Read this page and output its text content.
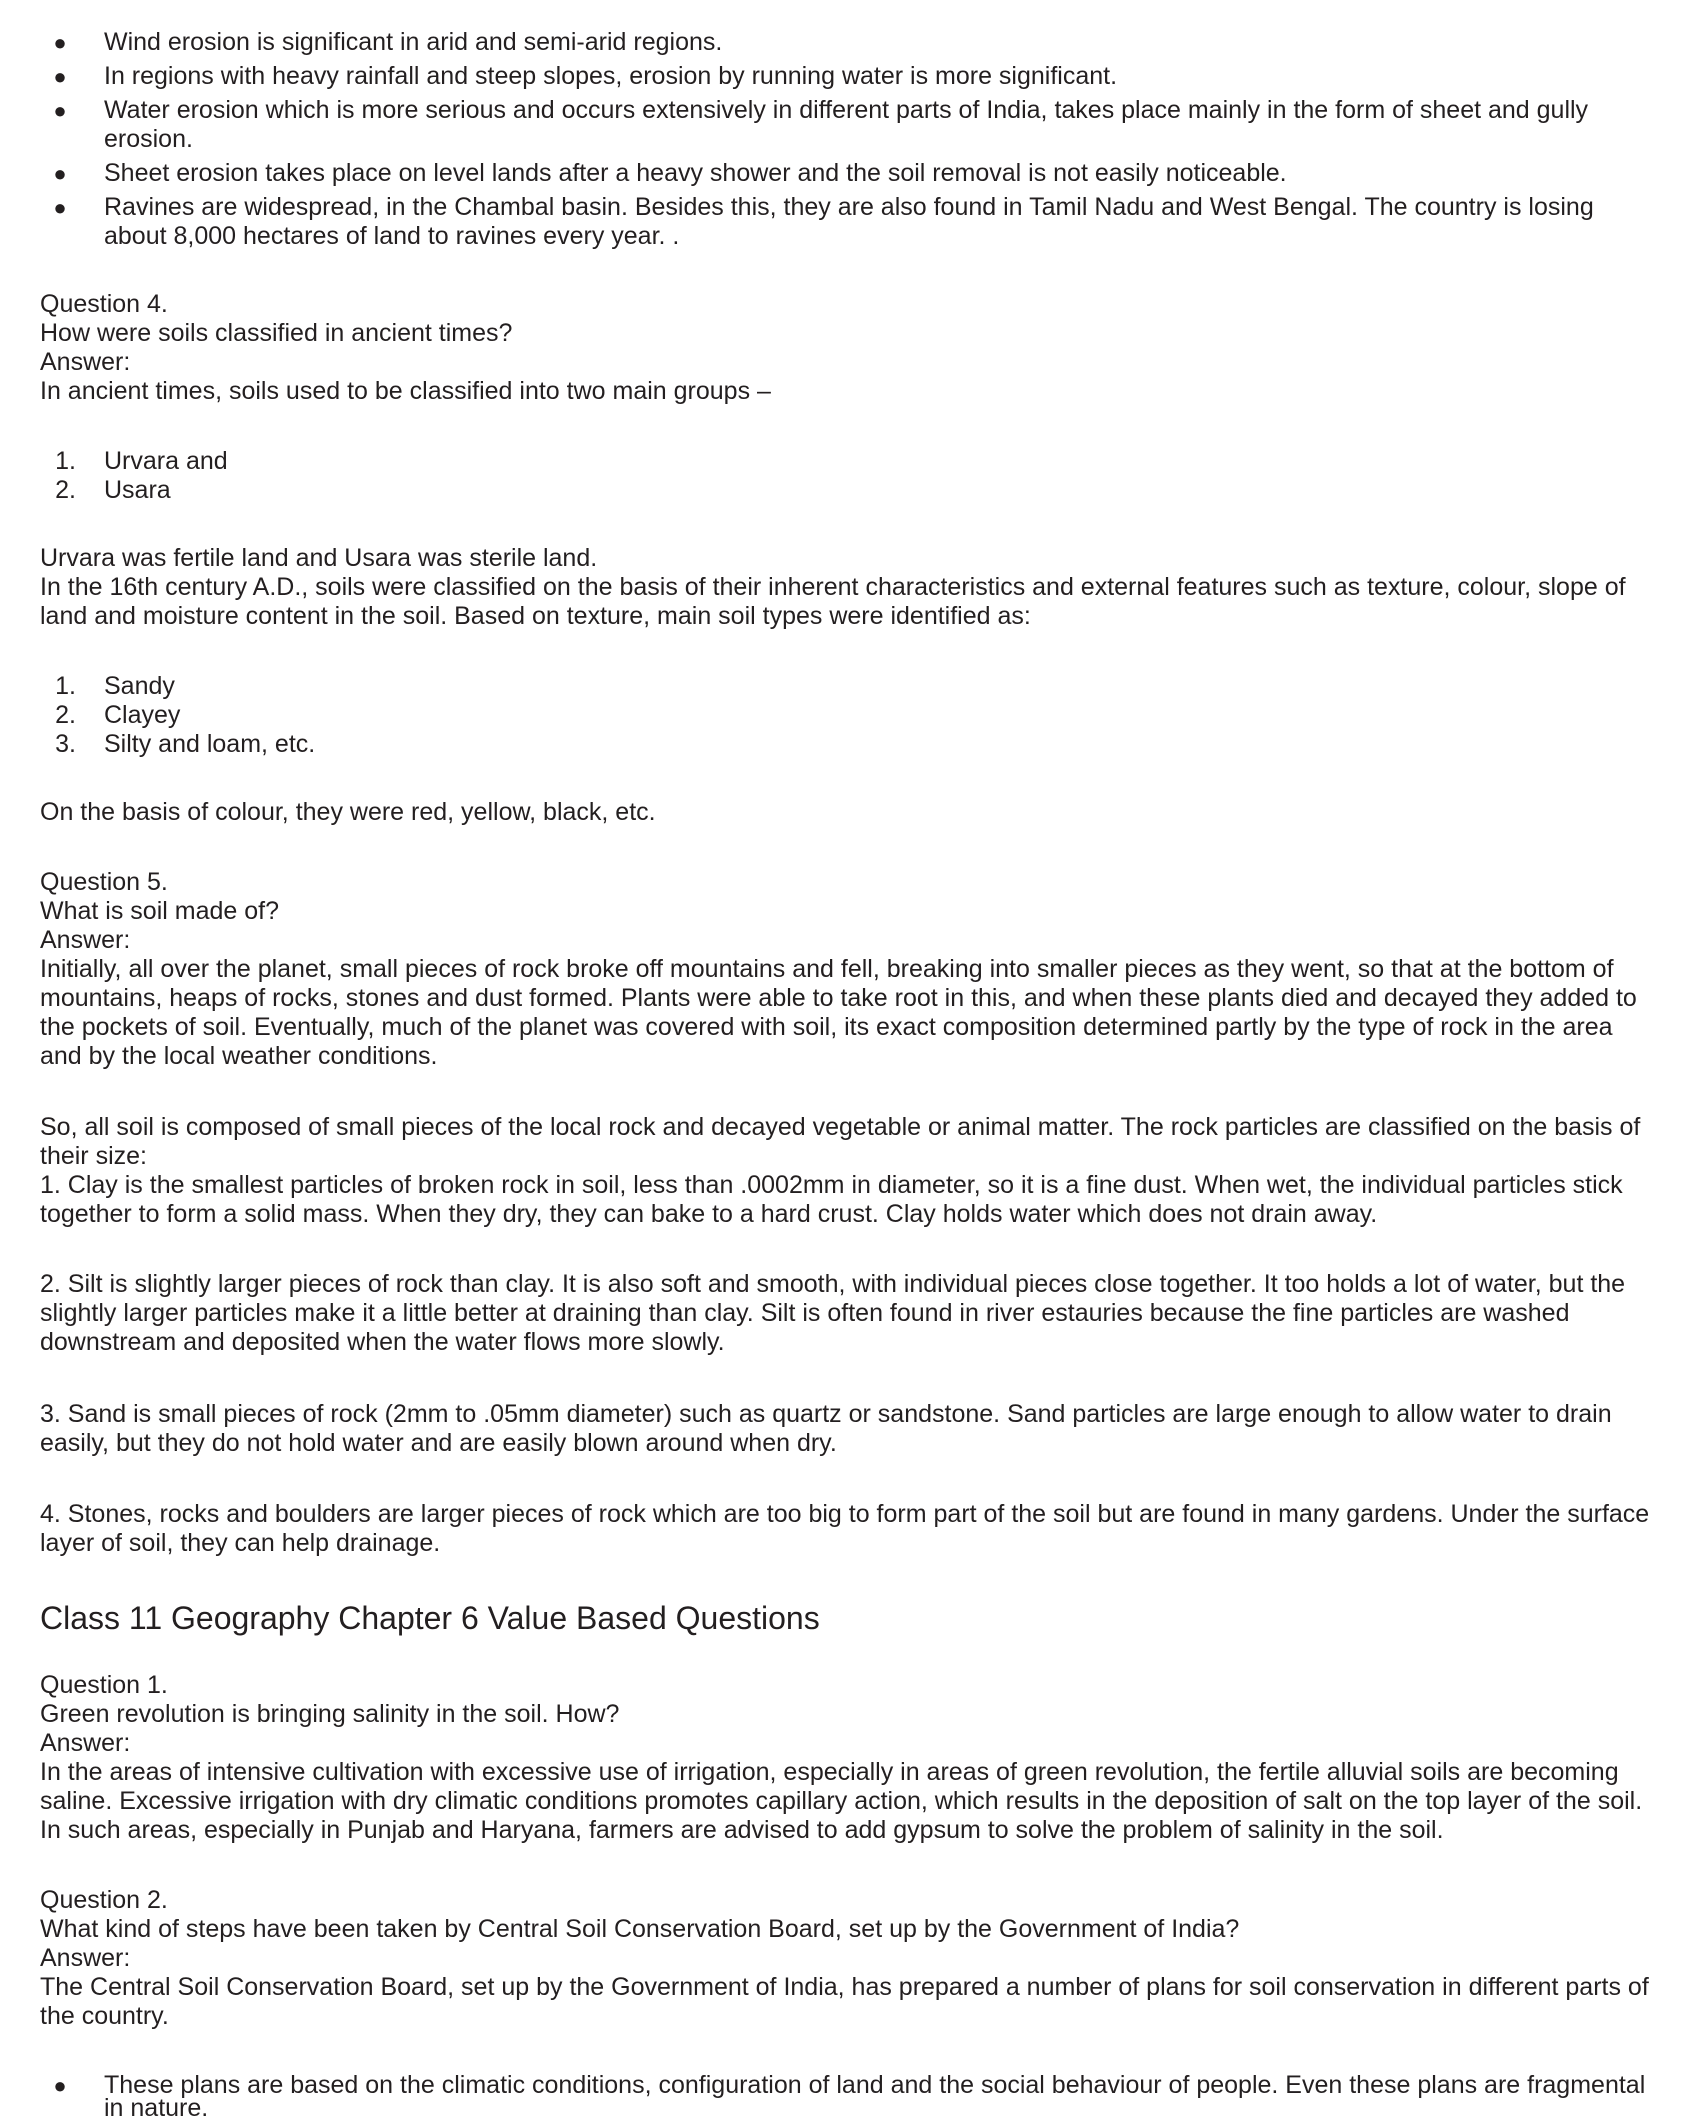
● Wind erosion is significant in arid and semi-arid regions.
● In regions with heavy rainfall and steep slopes, erosion by running water is more significant.
● Water erosion which is more serious and occurs extensively in different parts of India, takes place mainly in the form of sheet and gully

erosion.

● Sheet erosion takes place on level lands after a heavy shower and the soil removal is not easily noticeable.
● Ravines are widespread, in the Chambal basin. Besides this, they are also found in Tamil Nadu and West Bengal. The country is losing

about 8,000 hectares of land to ravines every year. .

Question 4.

How were soils classified in ancient times?

Answer:

In ancient times, soils used to be classified into two main groups –

1. Urvara and
2. Usara

Urvara was fertile land and Usara was sterile land.

In the 16th century A.D., soils were classified on the basis of their inherent characteristics and external features such as texture, colour, slope of

land and moisture content in the soil. Based on texture, main soil types were identified as:

1. Sandy
2. Clayey
3. Silty and loam, etc.

On the basis of colour, they were red, yellow, black, etc.

Question 5.

What is soil made of?

Answer:

Initially, all over the planet, small pieces of rock broke off mountains and fell, breaking into smaller pieces as they went, so that at the bottom of

mountains, heaps of rocks, stones and dust formed. Plants were able to take root in this, and when these plants died and decayed they added to

the pockets of soil. Eventually, much of the planet was covered with soil, its exact composition determined partly by the type of rock in the area

and by the local weather conditions.

So, all soil is composed of small pieces of the local rock and decayed vegetable or animal matter. The rock particles are classified on the basis of

their size:

1. Clay is the smallest particles of broken rock in soil, less than .0002mm in diameter, so it is a fine dust. When wet, the individual particles stick

together to form a solid mass. When they dry, they can bake to a hard crust. Clay holds water which does not drain away.

2. Silt is slightly larger pieces of rock than clay. It is also soft and smooth, with individual pieces close together. It too holds a lot of water, but the

slightly larger particles make it a little better at draining than clay. Silt is often found in river estauries because the fine particles are washed

downstream and deposited when the water flows more slowly.

3. Sand is small pieces of rock (2mm to .05mm diameter) such as quartz or sandstone. Sand particles are large enough to allow water to drain

easily, but they do not hold water and are easily blown around when dry.

4. Stones, rocks and boulders are larger pieces of rock which are too big to form part of the soil but are found in many gardens. Under the surface

layer of soil, they can help drainage.

Class 11 Geography Chapter 6 Value Based Questions

Question 1.

Green revolution is bringing salinity in the soil. How?

Answer:

In the areas of intensive cultivation with excessive use of irrigation, especially in areas of green revolution, the fertile alluvial soils are becoming

saline. Excessive irrigation with dry climatic conditions promotes capillary action, which results in the deposition of salt on the top layer of the soil.

In such areas, especially in Punjab and Haryana, farmers are advised to add gypsum to solve the problem of salinity in the soil.

Question 2.

What kind of steps have been taken by Central Soil Conservation Board, set up by the Government of India?

Answer:

The Central Soil Conservation Board, set up by the Government of India, has prepared a number of plans for soil conservation in different parts of

the country.

● These plans are based on the climatic conditions, configuration of land and the social behaviour of people. Even these plans are fragmental

in nature.
